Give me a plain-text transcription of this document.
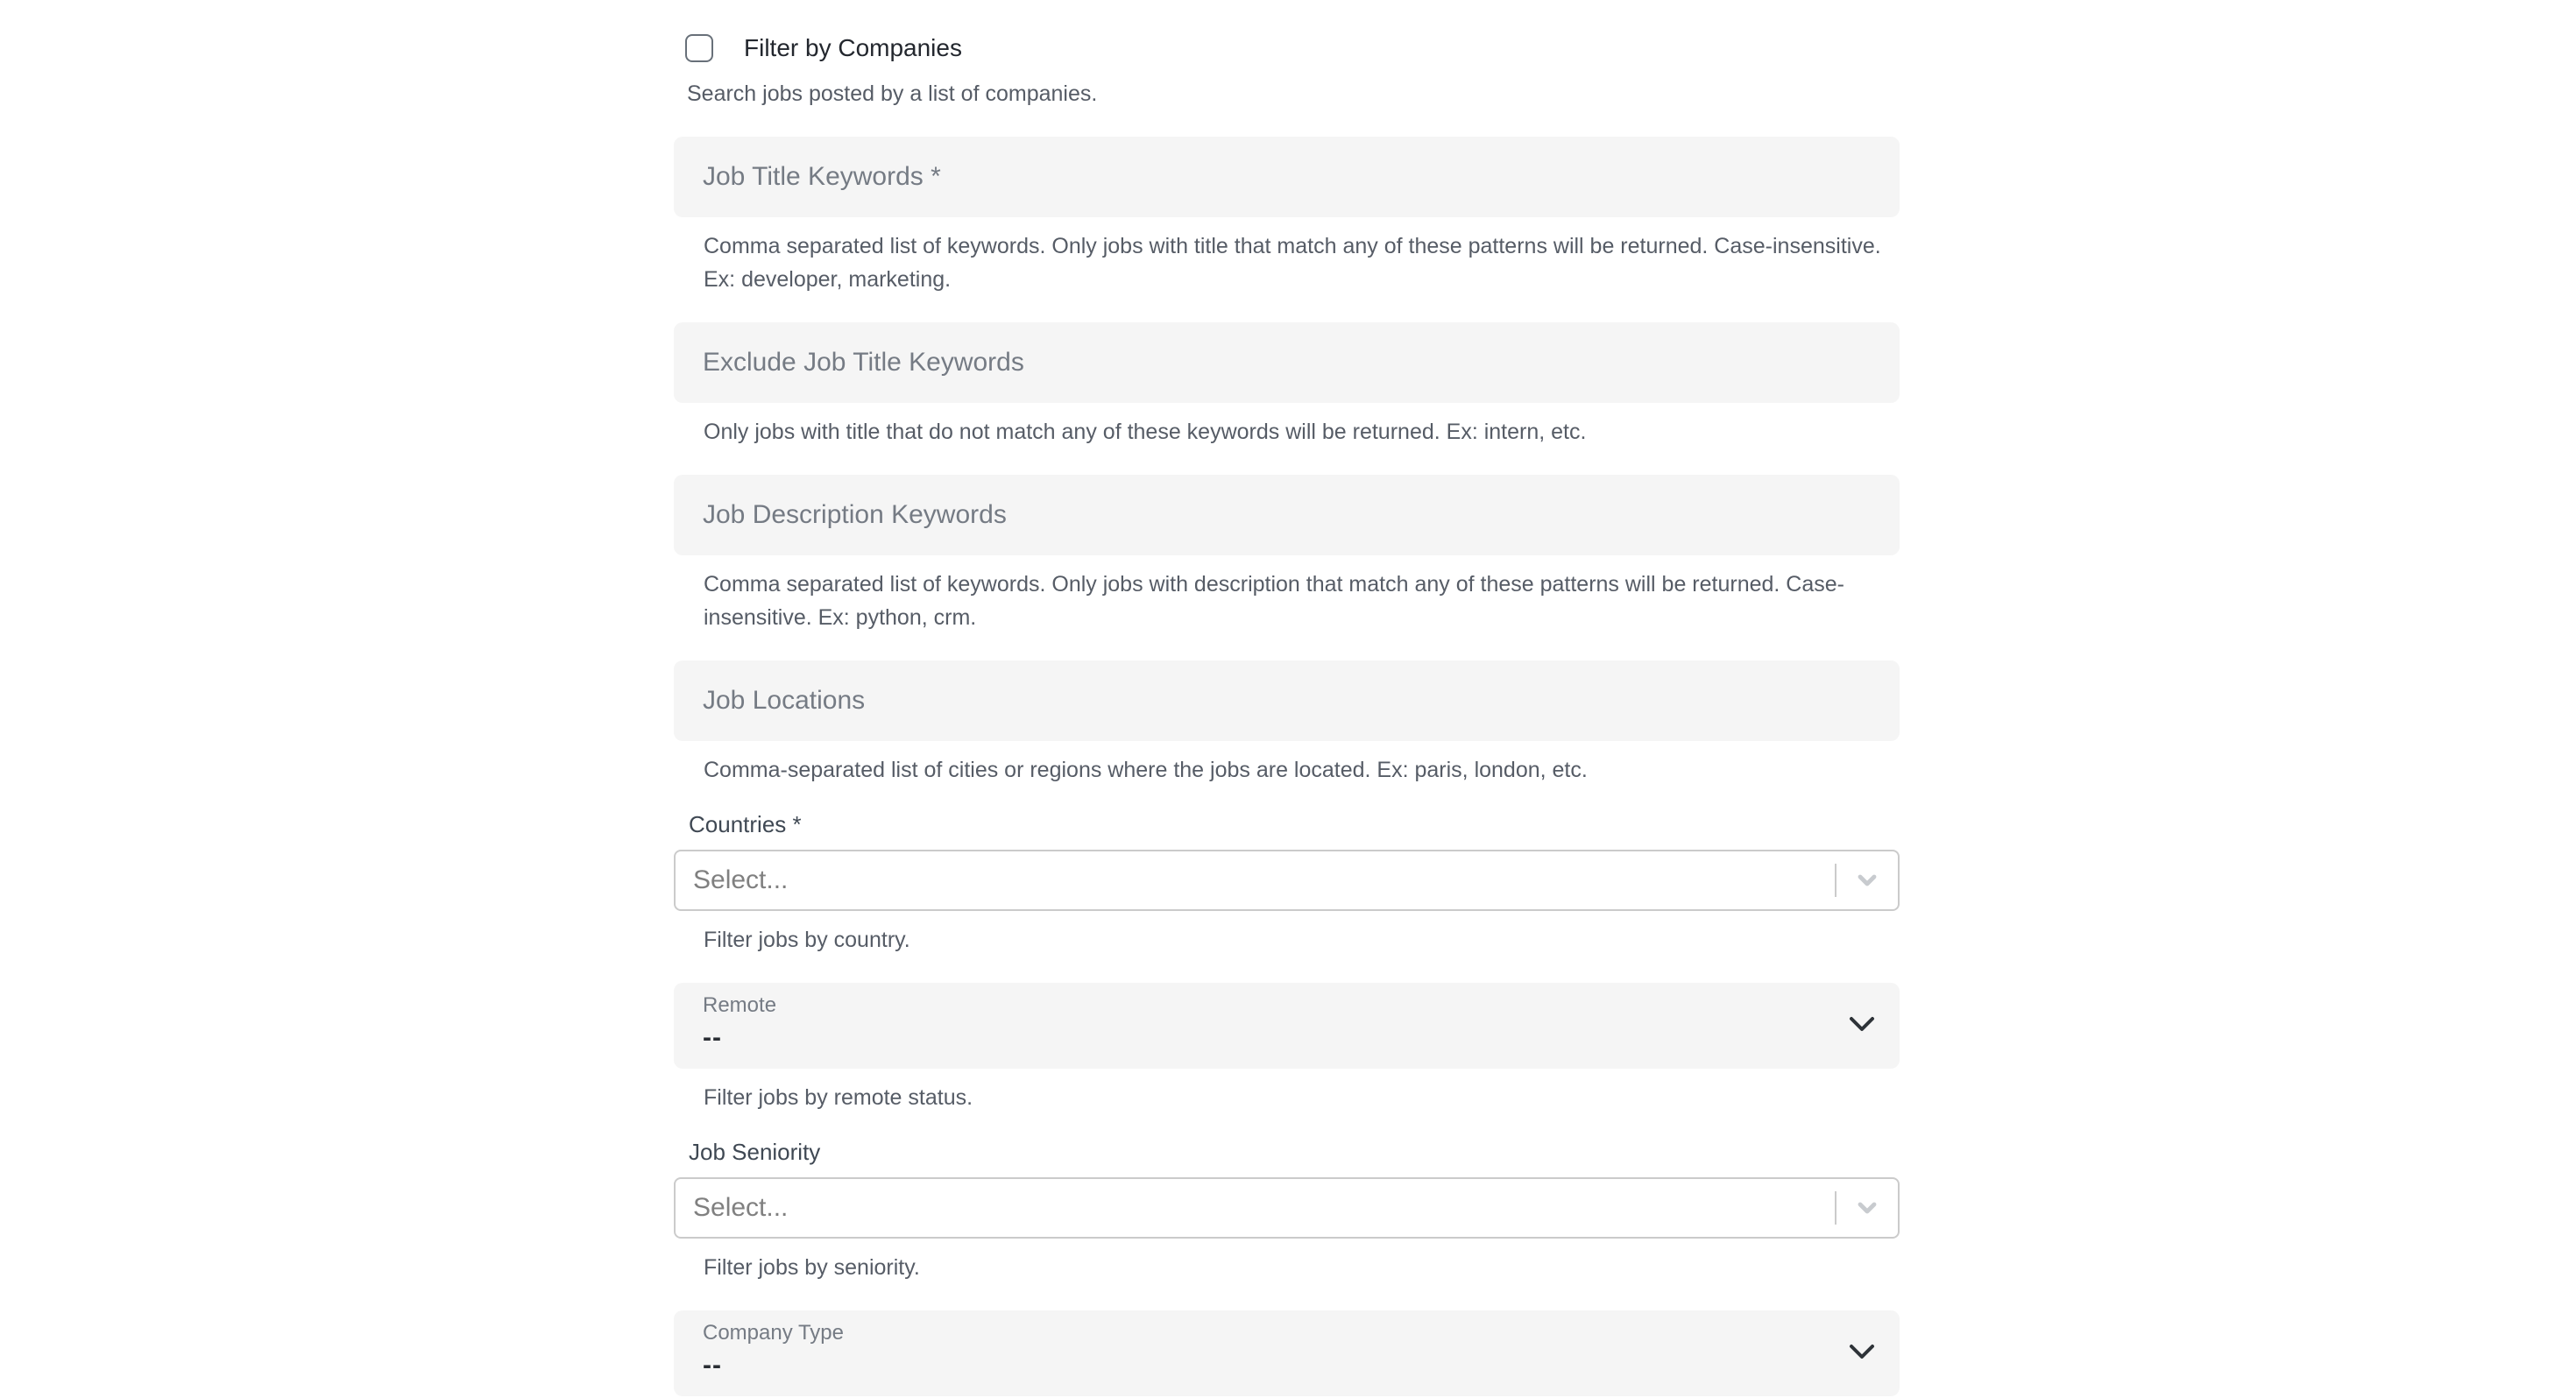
Filter by Companies
Search jobs posted by a list of companies.
Job Title Keywords *
Comma separated list of keywords. Only jobs with title that match any of these patterns will be returned. Case-insensitive. Ex: developer, marketing.
Exclude Job Title Keywords
Only jobs with title that do not match any of these keywords will be returned. Ex: intern, etc.
Job Description Keywords
Comma separated list of keywords. Only jobs with description that match any of these patterns will be returned. Case-insensitive. Ex: python, crm.
Job Locations
Comma-separated list of cities or regions where the jobs are located. Ex: paris, london, etc.
Countries *
Select...
Filter jobs by country.
Remote
--
Filter jobs by remote status.
Job Seniority
Select...
Filter jobs by seniority.
Company Type
--
